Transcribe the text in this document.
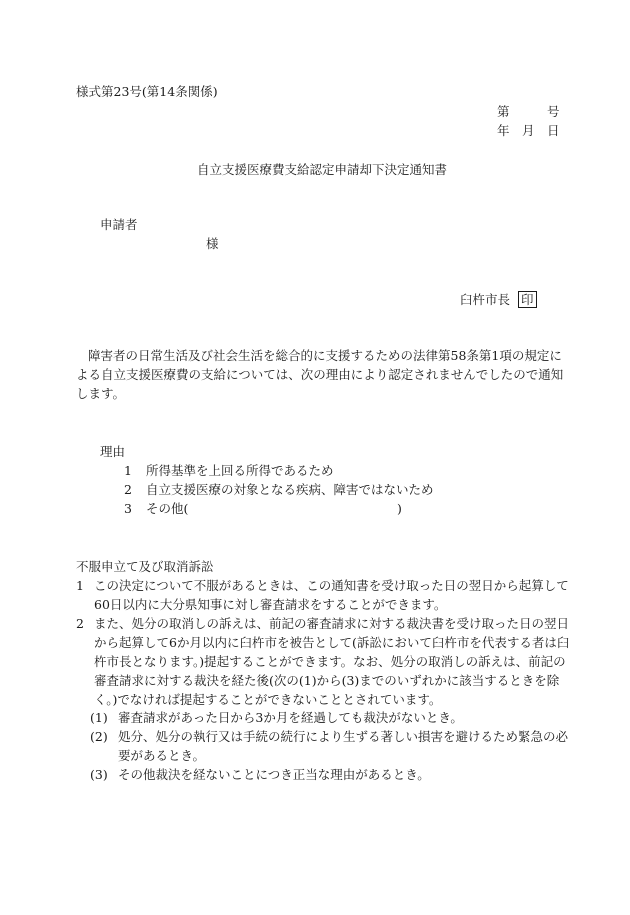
様式第23号(第14条関係)
第　　　号
年　月　日
自立支援医療費支給認定申請却下決定通知書
申請者
様
臼杵市長 印
障害者の日常生活及び社会生活を総合的に支援するための法律第58条第1項の規定による自立支援医療費の支給については、次の理由により認定されませんでしたので通知します。
理由
1 所得基準を上回る所得であるため
2 自立支援医療の対象となる疾病、障害ではないため
3 その他(	)
不服申立て及び取消訴訟
1 この決定について不服があるときは、この通知書を受け取った日の翌日から起算して60日以内に大分県知事に対し審査請求をすることができます。
2 また、処分の取消しの訴えは、前記の審査請求に対する裁決書を受け取った日の翌日から起算して6か月以内に臼杵市を被告として(訴訟において臼杵市を代表する者は臼杵市長となります。)提起することができます。なお、処分の取消しの訴えは、前記の審査請求に対する裁決を経た後(次の(1)から(3)までのいずれかに該当するときを除く。)でなければ提起することができないこととされています。
(1) 審査請求があった日から3か月を経過しても裁決がないとき。
(2) 処分、処分の執行又は手続の続行により生ずる著しい損害を避けるため緊急の必要があるとき。
(3) その他裁決を経ないことにつき正当な理由があるとき。
